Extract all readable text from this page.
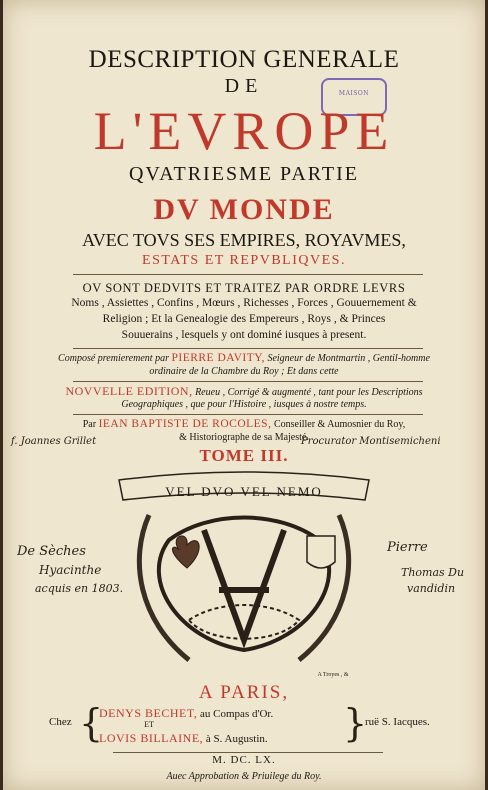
MAISON
DESCRIPTION GENERALE
DE
L'EVROPE
QVATRIESME PARTIE
DV MONDE
AVEC TOVS SES EMPIRES, ROYAVMES,
ESTATS ET REPVBLIQVES.
OV SONT DEDVITS ET TRAITEZ PAR ORDRE LEVRS
Noms , Assiettes , Confins , Mœurs , Richesses , Forces , Gouuernement &
Religion ; Et la Genealogie des Empereurs , Roys , & Princes
Souuerains , lesquels y ont dominé iusques à present.
Composé premierement par PIERRE DAVITY, Seigneur de Montmartin , Gentil-homme
ordinaire de la Chambre du Roy ; Et dans cette
NOVVELLE EDITION, Reueu , Corrigé & augmenté , tant pour les Descriptions
Geographiques , que pour l'Histoire , iusques à nostre temps.
Par IEAN BAPTISTE DE ROCOLES, Conseiller & Aumosnier du Roy,
& Historiographe de sa Majesté.
f. Joannes Grillet	Procurator Montisemicheni
TOME III.
VEL DVO VEL NEMO
De Sèches
Hyacinthe
acquis en 1803.
Pierre
Thomas Du
vandidin
A Troyes , &
A PARIS,
Chez {
DENYS BECHET, au Compas d'Or.
ET
LOVIS BILLAINE, à S. Augustin.	}
ruë S. Iacques.
M. DC. LX.
Auec Approbation & Priuilege du Roy.
